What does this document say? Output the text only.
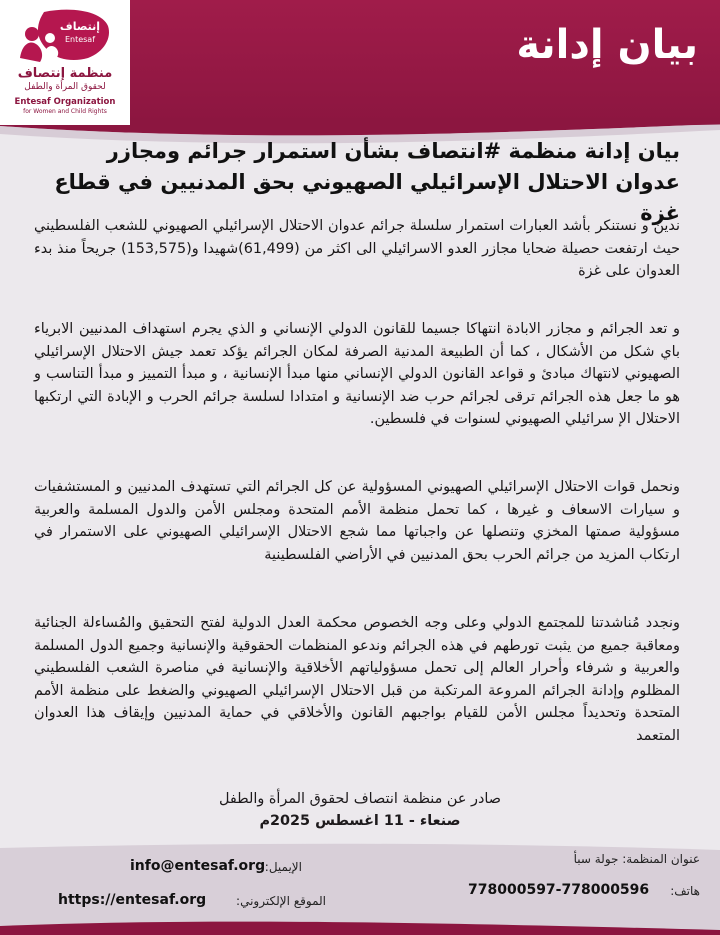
بيان إدانة
إنتصاف
Entesaf
منظمة إنتصاف
لحقوق المرأة والطفل
Entesaf Organization
for Women and Child Rights
بيان إدانة منظمة #انتصاف بشأن استمرار جرائم ومجازر عدوان الاحتلال الإسرائيلي الصهيوني بحق المدنيين في قطاع غزة
ندين و نستنكر بأشد العبارات استمرار سلسلة جرائم عدوان الاحتلال الإسرائيلي الصهيوني للشعب الفلسطيني حيث ارتفعت حصيلة ضحايا مجازر العدو الاسرائيلي الى اكثر من (61,499)شهيدا و(153,575) جريحاً منذ بدء العدوان على غزة
و تعد الجرائم و مجازر الابادة انتهاكا جسيما للقانون الدولي الإنساني و الذي يجرم استهداف المدنيين الابرياء باي شكل من الأشكال ، كما أن الطبيعة المدنية الصرفة لمكان الجرائم يؤكد تعمد جيش الاحتلال الإسرائيلي الصهيوني لانتهاك مبادئ و قواعد القانون الدولي الإنساني منها مبدأ الإنسانية ، و مبدأ التمييز و مبدأ التناسب و هو ما جعل هذه الجرائم ترقى لجرائم حرب ضد الإنسانية و امتدادا لسلسة جرائم الحرب و الإبادة التي ارتكبها الاحتلال الإ سرائيلي الصهيوني لسنوات في فلسطين.
ونحمل قوات الاحتلال الإسرائيلي الصهيوني المسؤولية عن كل الجرائم التي تستهدف المدنيين و المستشفيات و سيارات الاسعاف و غيرها ، كما تحمل منظمة الأمم المتحدة ومجلس الأمن والدول المسلمة والعربية مسؤولية صمتها المخزي وتنصلها عن واجباتها مما شجع الاحتلال الإسرائيلي الصهيوني على الاستمرار في ارتكاب المزيد من جرائم الحرب بحق المدنيين في الأراضي الفلسطينية
ونجدد مُناشدتنا للمجتمع الدولي وعلى وجه الخصوص محكمة العدل الدولية لفتح التحقيق والمُساءلة الجنائية ومعاقبة جميع من يثبت تورطهم في هذه الجرائم وندعو المنظمات الحقوقية والإنسانية وجميع الدول المسلمة والعربية و شرفاء وأحرار العالم إلى تحمل مسؤولياتهم الأخلاقية والإنسانية في مناصرة الشعب الفلسطيني المظلوم وإدانة الجرائم المروعة المرتكبة من قبل الاحتلال الإسرائيلي الصهيوني والضغط على منظمة الأمم المتحدة وتحديداً مجلس الأمن للقيام بواجبهم القانون والأخلاقي في حماية المدنيين وإيقاف هذا العدوان المتعمد
صادر عن منظمة انتصاف لحقوق المرأة والطفل
صنعاء - 11 اغسطس 2025م
عنوان المنظمة: جولة سبأ
هاتف:
778000597-778000596
الإيميل:
info@entesaf.org
الموقع الإلكتروني:
https://entesaf.org
